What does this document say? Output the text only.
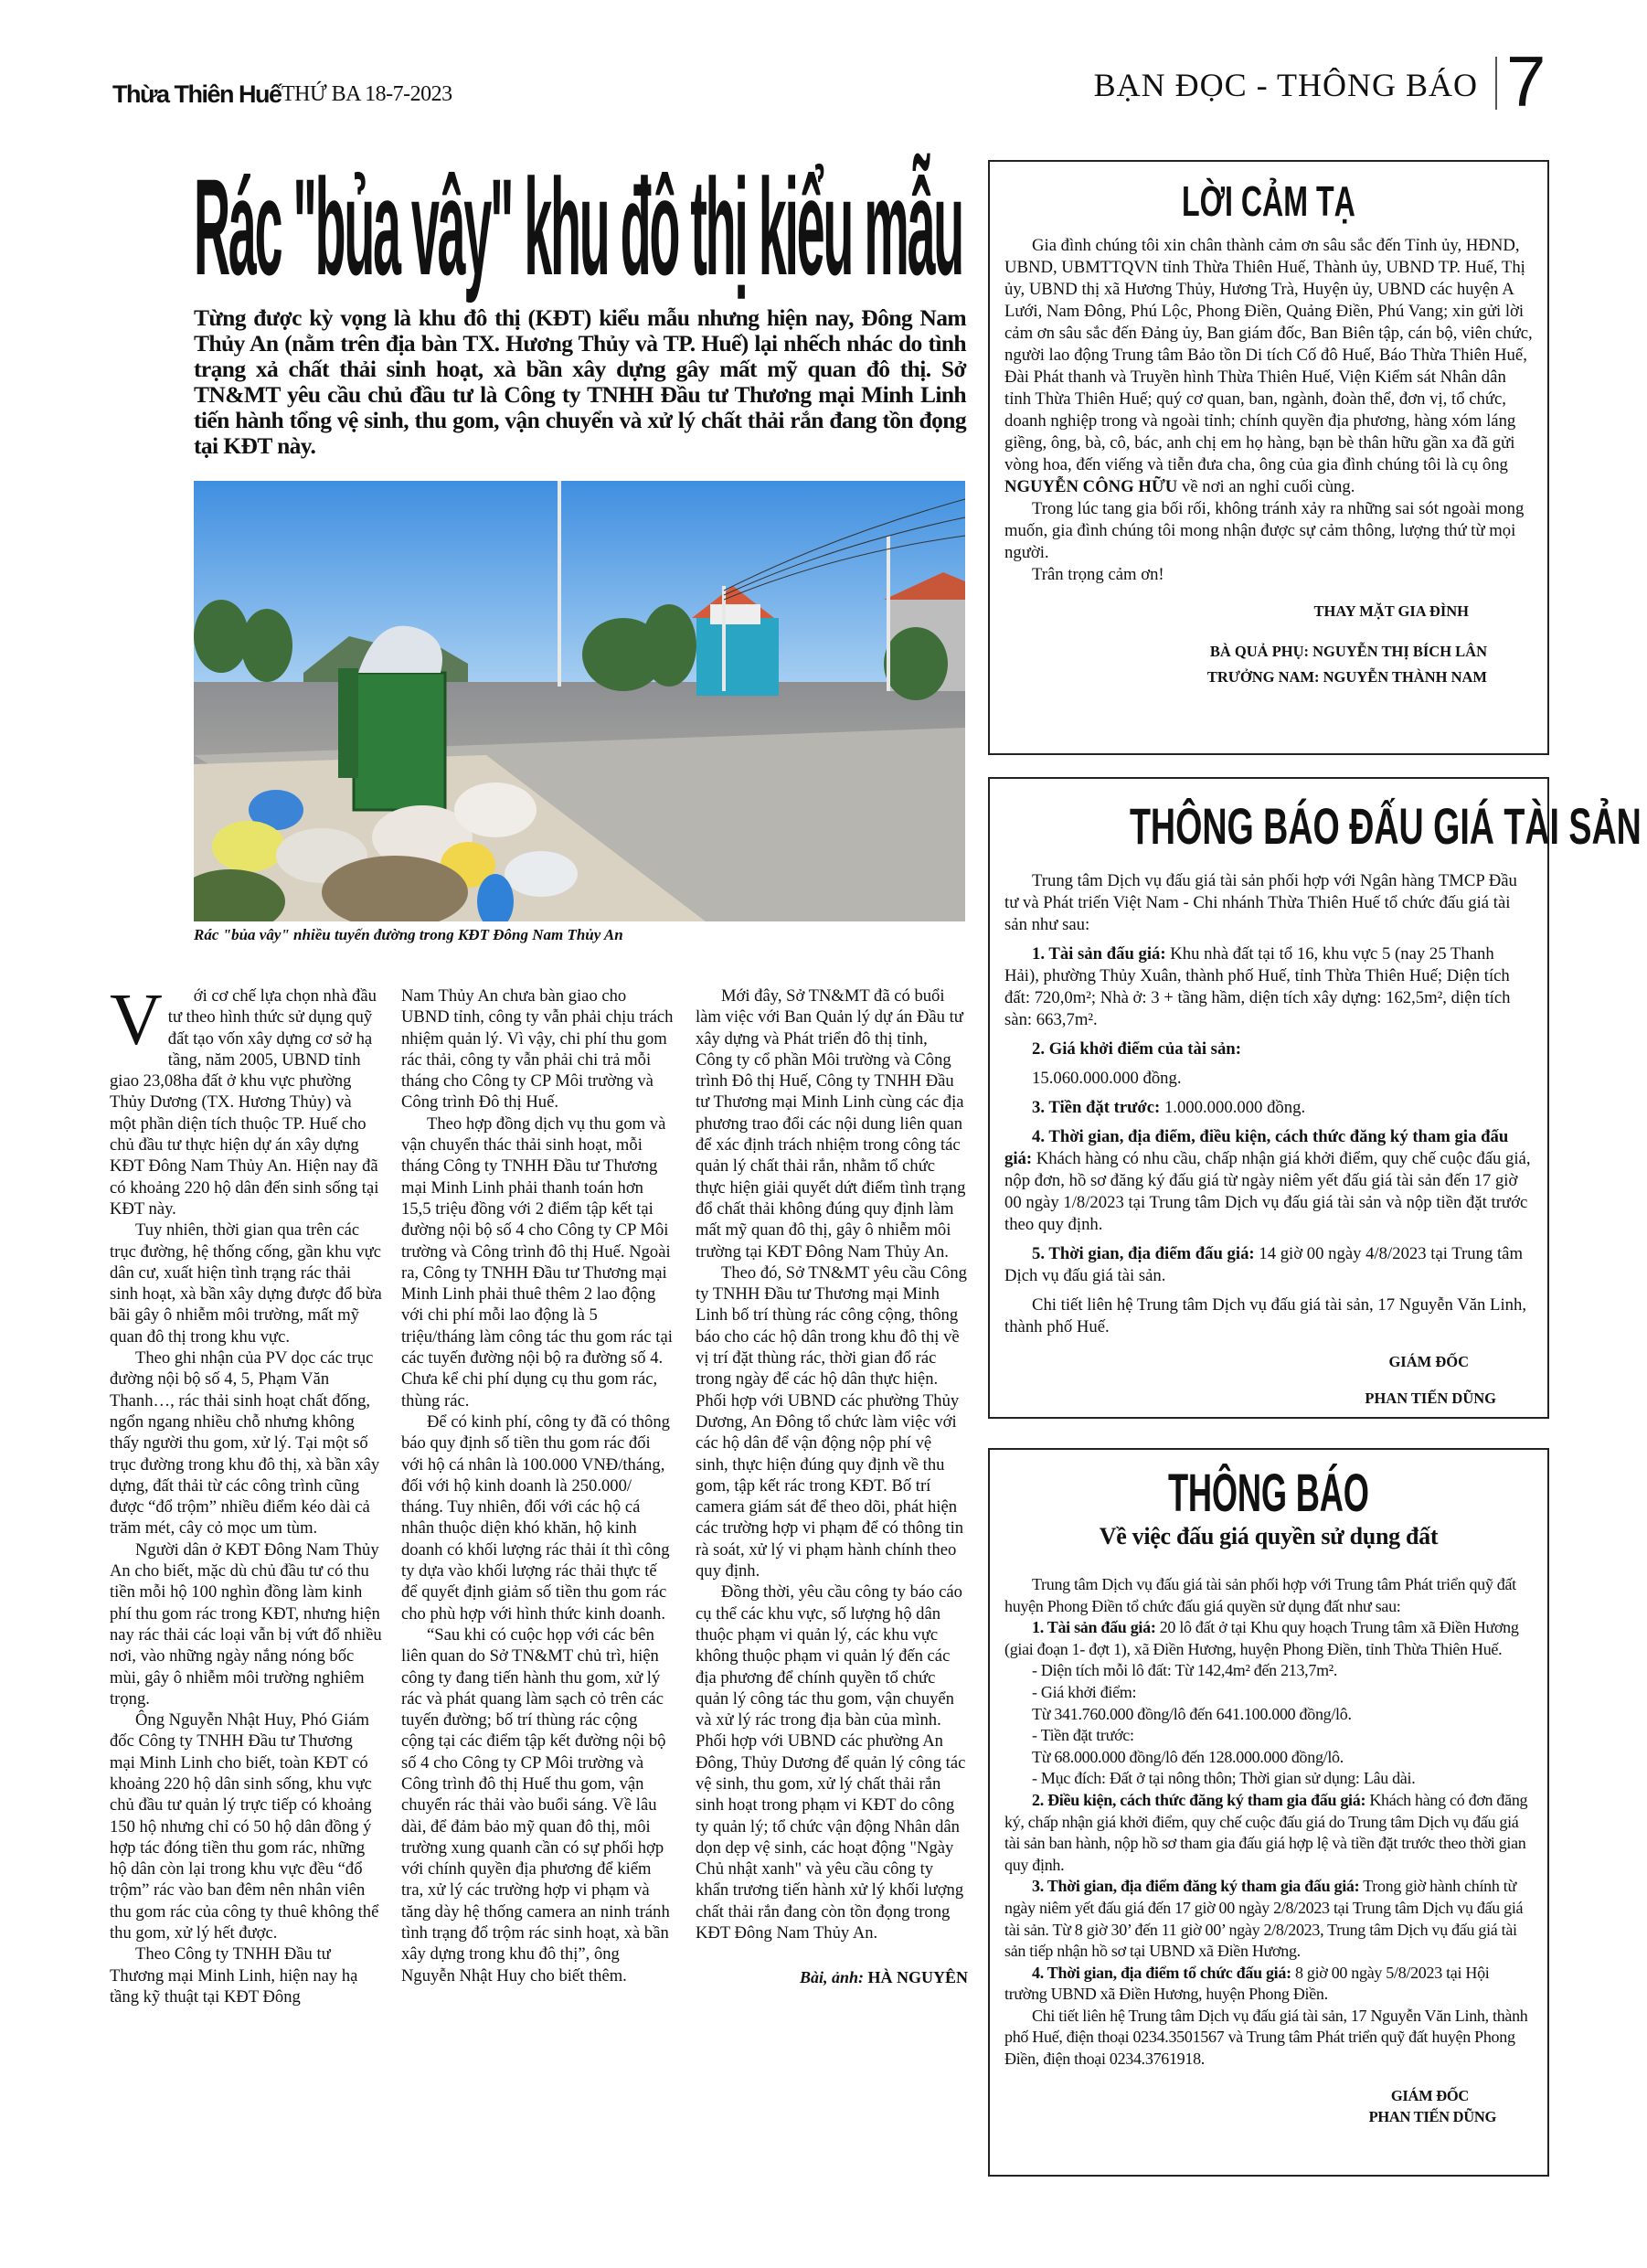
Thừa Thiên Huế THỨ BA 18-7-2023	BẠN ĐỌC - THÔNG BÁO 7
Rác "bủa vây" khu đô thị kiểu mẫu
Từng được kỳ vọng là khu đô thị (KĐT) kiểu mẫu nhưng hiện nay, Đông Nam Thủy An (nằm trên địa bàn TX. Hương Thủy và TP. Huế) lại nhếch nhác do tình trạng xả chất thải sinh hoạt, xà bần xây dựng gây mất mỹ quan đô thị. Sở TN&MT yêu cầu chủ đầu tư là Công ty TNHH Đầu tư Thương mại Minh Linh tiến hành tổng vệ sinh, thu gom, vận chuyển và xử lý chất thải rắn đang tồn đọng tại KĐT này.
Rác "bủa vây" nhiều tuyến đường trong KĐT Đông Nam Thủy An

V ới cơ chế lựa chọn nhà đầu tư theo hình thức sử dụng quỹ đất tạo vốn xây dựng cơ sở hạ tầng, năm 2005, UBND tỉnh giao 23,08ha đất ở khu vực phường Thủy Dương (TX. Hương Thủy) và một phần diện tích thuộc TP. Huế cho chủ đầu tư thực hiện dự án xây dựng KĐT Đông Nam Thủy An. Hiện nay đã có khoảng 220 hộ dân đến sinh sống tại KĐT này.

Tuy nhiên, thời gian qua trên các trục đường, hệ thống cống, gần khu vực dân cư, xuất hiện tình trạng rác thải sinh hoạt, xà bần xây dựng được đổ bừa bãi gây ô nhiễm môi trường, mất mỹ quan đô thị trong khu vực.

Theo ghi nhận của PV dọc các trục đường nội bộ số 4, 5, Phạm Văn Thanh…, rác thải sinh hoạt chất đống, ngổn ngang nhiều chỗ nhưng không thấy người thu gom, xử lý. Tại một số trục đường trong khu đô thị, xà bần xây dựng, đất thải từ các công trình cũng được “đổ trộm” nhiều điểm kéo dài cả trăm mét, cây cỏ mọc um tùm.

Người dân ở KĐT Đông Nam Thủy An cho biết, mặc dù chủ đầu tư có thu tiền mỗi hộ 100 nghìn đồng làm kinh phí thu gom rác trong KĐT, nhưng hiện nay rác thải các loại vẫn bị vứt đổ nhiều nơi, vào những ngày nắng nóng bốc mùi, gây ô nhiễm môi trường nghiêm trọng.

Ông Nguyễn Nhật Huy, Phó Giám đốc Công ty TNHH Đầu tư Thương mại Minh Linh cho biết, toàn KĐT có khoảng 220 hộ dân sinh sống, khu vực chủ đầu tư quản lý trực tiếp có khoảng 150 hộ nhưng chỉ có 50 hộ dân đồng ý hợp tác đóng tiền thu gom rác, những hộ dân còn lại trong khu vực đều “đổ trộm” rác vào ban đêm nên nhân viên thu gom rác của công ty thuê không thể thu gom, xử lý hết được.

Theo Công ty TNHH Đầu tư Thương mại Minh Linh, hiện nay hạ tầng kỹ thuật tại KĐT Đông

Nam Thủy An chưa bàn giao cho UBND tỉnh, công ty vẫn phải chịu trách nhiệm quản lý. Vì vậy, chi phí thu gom rác thải, công ty vẫn phải chi trả mỗi tháng cho Công ty CP Môi trường và Công trình Đô thị Huế.

Theo hợp đồng dịch vụ thu gom và vận chuyển thác thải sinh hoạt, mỗi tháng Công ty TNHH Đầu tư Thương mại Minh Linh phải thanh toán hơn 15,5 triệu đồng với 2 điểm tập kết tại đường nội bộ số 4 cho Công ty CP Môi trường và Công trình đô thị Huế. Ngoài ra, Công ty TNHH Đầu tư Thương mại Minh Linh phải thuê thêm 2 lao động với chi phí mỗi lao động là 5 triệu/tháng làm công tác thu gom rác tại các tuyến đường nội bộ ra đường số 4. Chưa kể chi phí dụng cụ thu gom rác, thùng rác.

Để có kinh phí, công ty đã có thông báo quy định số tiền thu gom rác đối với hộ cá nhân là 100.000 VNĐ/tháng, đối với hộ kinh doanh là 250.000/ tháng. Tuy nhiên, đối với các hộ cá nhân thuộc diện khó khăn, hộ kinh doanh có khối lượng rác thải ít thì công ty dựa vào khối lượng rác thải thực tế để quyết định giảm số tiền thu gom rác cho phù hợp với hình thức kinh doanh.

“Sau khi có cuộc họp với các bên liên quan do Sở TN&MT chủ trì, hiện công ty đang tiến hành thu gom, xử lý rác và phát quang làm sạch cỏ trên các tuyến đường; bố trí thùng rác cộng cộng tại các điểm tập kết đường nội bộ số 4 cho Công ty CP Môi trường và Công trình đô thị Huế thu gom, vận chuyển rác thải vào buổi sáng. Về lâu dài, để đảm bảo mỹ quan đô thị, môi trường xung quanh cần có sự phối hợp với chính quyền địa phương để kiểm tra, xử lý các trường hợp vi phạm và tăng dày hệ thống camera an ninh tránh tình trạng đổ trộm rác sinh hoạt, xà bần xây dựng trong khu đô thị”, ông Nguyễn Nhật Huy cho biết thêm.

Mới đây, Sở TN&MT đã có buổi làm việc với Ban Quản lý dự án Đầu tư xây dựng và Phát triển đô thị tỉnh, Công ty cổ phần Môi trường và Công trình Đô thị Huế, Công ty TNHH Đầu tư Thương mại Minh Linh cùng các địa phương trao đổi các nội dung liên quan để xác định trách nhiệm trong công tác quản lý chất thải rắn, nhằm tổ chức thực hiện giải quyết dứt điểm tình trạng đổ chất thải không đúng quy định làm mất mỹ quan đô thị, gây ô nhiễm môi trường tại KĐT Đông Nam Thủy An.

Theo đó, Sở TN&MT yêu cầu Công ty TNHH Đầu tư Thương mại Minh Linh bố trí thùng rác công cộng, thông báo cho các hộ dân trong khu đô thị về vị trí đặt thùng rác, thời gian đổ rác trong ngày để các hộ dân thực hiện. Phối hợp với UBND các phường Thủy Dương, An Đông tổ chức làm việc với các hộ dân để vận động nộp phí vệ sinh, thực hiện đúng quy định về thu gom, tập kết rác trong KĐT. Bố trí camera giám sát để theo dõi, phát hiện các trường hợp vi phạm để có thông tin rà soát, xử lý vi phạm hành chính theo quy định.

Đồng thời, yêu cầu công ty báo cáo cụ thể các khu vực, số lượng hộ dân thuộc phạm vi quản lý, các khu vực không thuộc phạm vi quản lý đến các địa phương để chính quyền tổ chức quản lý công tác thu gom, vận chuyển và xử lý rác trong địa bàn của mình. Phối hợp với UBND các phường An Đông, Thủy Dương để quản lý công tác vệ sinh, thu gom, xử lý chất thải rắn sinh hoạt trong phạm vi KĐT do công ty quản lý; tổ chức vận động Nhân dân dọn dẹp vệ sinh, các hoạt động "Ngày Chủ nhật xanh" và yêu cầu công ty khẩn trương tiến hành xử lý khối lượng chất thải rắn đang còn tồn đọng trong KĐT Đông Nam Thủy An.

Bài, ảnh: HÀ NGUYÊN
LỜI CẢM TẠ

Gia đình chúng tôi xin chân thành cảm ơn sâu sắc đến Tỉnh ủy, HĐND, UBND, UBMTTQVN tỉnh Thừa Thiên Huế, Thành ủy, UBND TP. Huế, Thị ủy, UBND thị xã Hương Thủy, Hương Trà, Huyện ủy, UBND các huyện A Lưới, Nam Đông, Phú Lộc, Phong Điền, Quảng Điền, Phú Vang; xin gửi lời cảm ơn sâu sắc đến Đảng ủy, Ban giám đốc, Ban Biên tập, cán bộ, viên chức, người lao động Trung tâm Bảo tồn Di tích Cố đô Huế, Báo Thừa Thiên Huế, Đài Phát thanh và Truyền hình Thừa Thiên Huế, Viện Kiểm sát Nhân dân tỉnh Thừa Thiên Huế; quý cơ quan, ban, ngành, đoàn thể, đơn vị, tổ chức, doanh nghiệp trong và ngoài tỉnh; chính quyền địa phương, hàng xóm láng giềng, ông, bà, cô, bác, anh chị em họ hàng, bạn bè thân hữu gần xa đã gửi vòng hoa, đến viếng và tiễn đưa cha, ông của gia đình chúng tôi là cụ ông NGUYỄN CÔNG HỮU về nơi an nghỉ cuối cùng.

Trong lúc tang gia bối rối, không tránh xảy ra những sai sót ngoài mong muốn, gia đình chúng tôi mong nhận được sự cảm thông, lượng thứ từ mọi người.

Trân trọng cảm ơn!

THAY MẶT GIA ĐÌNH
BÀ QUẢ PHỤ: NGUYỄN THỊ BÍCH LÂN
TRƯỞNG NAM: NGUYỄN THÀNH NAM
THÔNG BÁO ĐẤU GIÁ TÀI SẢN

Trung tâm Dịch vụ đấu giá tài sản phối hợp với Ngân hàng TMCP Đầu tư và Phát triển Việt Nam - Chi nhánh Thừa Thiên Huế tổ chức đấu giá tài sản như sau:

1. Tài sản đấu giá: Khu nhà đất tại tổ 16, khu vực 5 (nay 25 Thanh Hải), phường Thủy Xuân, thành phố Huế, tỉnh Thừa Thiên Huế; Diện tích đất: 720,0m²; Nhà ở: 3 + tầng hầm, diện tích xây dựng: 162,5m², diện tích sàn: 663,7m².

2. Giá khởi điểm của tài sản:

15.060.000.000 đồng.

3. Tiền đặt trước: 1.000.000.000 đồng.

4. Thời gian, địa điểm, điều kiện, cách thức đăng ký tham gia đấu giá: Khách hàng có nhu cầu, chấp nhận giá khởi điểm, quy chế cuộc đấu giá, nộp đơn, hồ sơ đăng ký đấu giá từ ngày niêm yết đấu giá tài sản đến 17 giờ 00 ngày 1/8/2023 tại Trung tâm Dịch vụ đấu giá tài sản và nộp tiền đặt trước theo quy định.

5. Thời gian, địa điểm đấu giá: 14 giờ 00 ngày 4/8/2023 tại Trung tâm Dịch vụ đấu giá tài sản.

Chi tiết liên hệ Trung tâm Dịch vụ đấu giá tài sản, 17 Nguyễn Văn Linh, thành phố Huế.

GIÁM ĐỐC
PHAN TIẾN DŨNG
THÔNG BÁO
Về việc đấu giá quyền sử dụng đất

Trung tâm Dịch vụ đấu giá tài sản phối hợp với Trung tâm Phát triển quỹ đất huyện Phong Điền tổ chức đấu giá quyền sử dụng đất như sau:

1. Tài sản đấu giá: 20 lô đất ở tại Khu quy hoạch Trung tâm xã Điền Hương (giai đoạn 1- đợt 1), xã Điền Hương, huyện Phong Điền, tỉnh Thừa Thiên Huế.

- Diện tích mỗi lô đất: Từ 142,4m² đến 213,7m².

- Giá khởi điểm:

Từ 341.760.000 đồng/lô đến 641.100.000 đồng/lô.

- Tiền đặt trước:

Từ 68.000.000 đồng/lô đến 128.000.000 đồng/lô.

- Mục đích: Đất ở tại nông thôn; Thời gian sử dụng: Lâu dài.

2. Điều kiện, cách thức đăng ký tham gia đấu giá: Khách hàng có đơn đăng ký, chấp nhận giá khởi điểm, quy chế cuộc đấu giá do Trung tâm Dịch vụ đấu giá tài sản ban hành, nộp hồ sơ tham gia đấu giá hợp lệ và tiền đặt trước theo thời gian quy định.

3. Thời gian, địa điểm đăng ký tham gia đấu giá: Trong giờ hành chính từ ngày niêm yết đấu giá đến 17 giờ 00 ngày 2/8/2023 tại Trung tâm Dịch vụ đấu giá tài sản. Từ 8 giờ 30’ đến 11 giờ 00’ ngày 2/8/2023, Trung tâm Dịch vụ đấu giá tài sản tiếp nhận hồ sơ tại UBND xã Điền Hương.

4. Thời gian, địa điểm tổ chức đấu giá: 8 giờ 00 ngày 5/8/2023 tại Hội trường UBND xã Điền Hương, huyện Phong Điền.

Chi tiết liên hệ Trung tâm Dịch vụ đấu giá tài sản, 17 Nguyễn Văn Linh, thành phố Huế, điện thoại 0234.3501567 và Trung tâm Phát triển quỹ đất huyện Phong Điền, điện thoại 0234.3761918.

GIÁM ĐỐC
PHAN TIẾN DŨNG
